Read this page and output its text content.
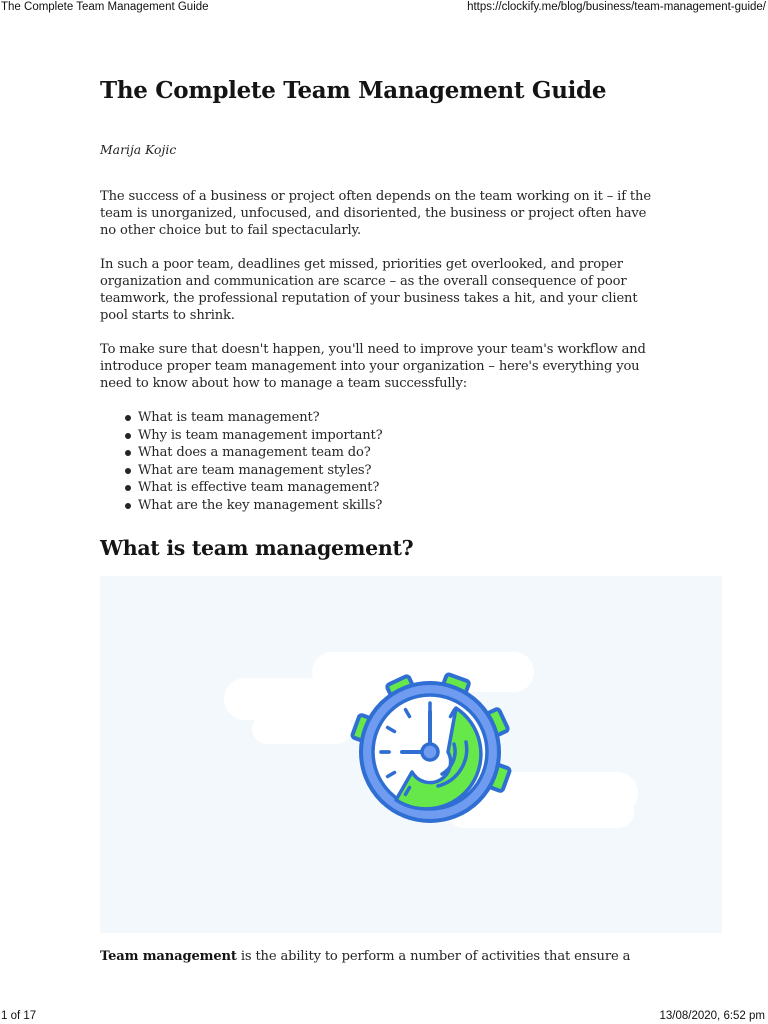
The Complete Team Management Guide	https://clockify.me/blog/business/team-management-guide/
The Complete Team Management Guide
Marija Kojic

The success of a business or project often depends on the team working on it – if the team is unorganized, unfocused, and disoriented, the business or project often have no other choice but to fail spectacularly.

In such a poor team, deadlines get missed, priorities get overlooked, and proper organization and communication are scarce – as the overall consequence of poor teamwork, the professional reputation of your business takes a hit, and your client pool starts to shrink.

To make sure that doesn't happen, you'll need to improve your team's workflow and introduce proper team management into your organization – here's everything you need to know about how to manage a team successfully:

What is team management?
Why is team management important?
What does a management team do?
What are team management styles?
What is effective team management?
What are the key management skills?
What is team management?
Team management is the ability to perform a number of activities that ensure a
1 of 17	13/08/2020, 6:52 pm
